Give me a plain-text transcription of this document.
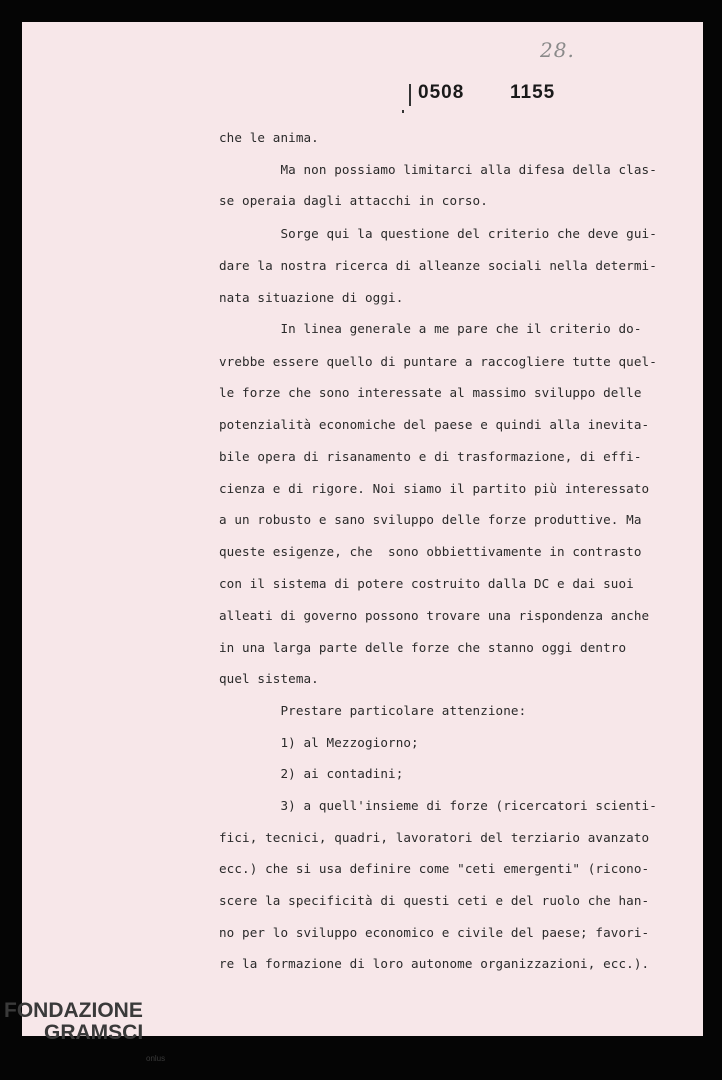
28.
0508 1155
che le anima.
Ma non possiamo limitarci alla difesa della clas-
se operaia dagli attacchi in corso.
Sorge qui la questione del criterio che deve gui-
dare la nostra ricerca di alleanze sociali nella determi-
nata situazione di oggi.
In linea generale a me pare che il criterio do-
vrebbe essere quello di puntare a raccogliere tutte quel-
le forze che sono interessate al massimo sviluppo delle
potenzialità economiche del paese e quindi alla inevita-
bile opera di risanamento e di trasformazione, di effi-
cienza e di rigore. Noi siamo il partito più interessato
a un robusto e sano sviluppo delle forze produttive. Ma
queste esigenze, che  sono obbiettivamente in contrasto
con il sistema di potere costruito dalla DC e dai suoi
alleati di governo possono trovare una rispondenza anche
in una larga parte delle forze che stanno oggi dentro
quel sistema.
Prestare particolare attenzione:
1) al Mezzogiorno;
2) ai contadini;
3) a quell'insieme di forze (ricercatori scienti-
fici, tecnici, quadri, lavoratori del terziario avanzato
ecc.) che si usa definire come "ceti emergenti" (ricono-
scere la specificità di questi ceti e del ruolo che han-
no per lo sviluppo economico e civile del paese; favori-
re la formazione di loro autonome organizzazioni, ecc.).
FONDAZIONE
GRAMSCI
onlus
